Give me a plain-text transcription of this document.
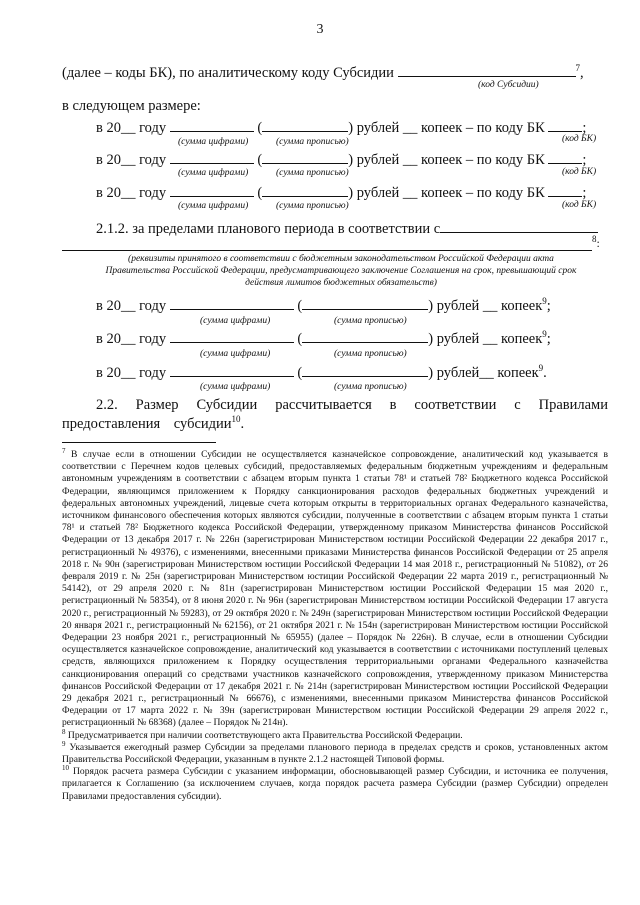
3
(далее – коды БК), по аналитическому коду Субсидии	$^7$,
(код Субсидии)
в следующем размере:
в 20__ году	(	) рублей __ копеек – по коду БК	;
(сумма цифрами)	(сумма прописью)	(код БК)
в 20__ году	(	) рублей __ копеек – по коду БК	;
(сумма цифрами)	(сумма прописью)	(код БК)
в 20__ году	(	) рублей __ копеек – по коду БК	;
(сумма цифрами)	(сумма прописью)	(код БК)
2.1.2. за пределами планового периода в соответствии с
$^8$:
(реквизиты принятого в соответствии с бюджетным законодательством Российской Федерации акта Правительства Российской Федерации, предусматривающего заключение Соглашения на срок, превышающий срок действия лимитов бюджетных обязательств)
в 20__ году	(	) рублей __ копеек$^9$;
(сумма цифрами)	(сумма прописью)
в 20__ году	(	) рублей __ копеек$^9$;
(сумма цифрами)	(сумма прописью)
в 20__ году	(	) рублей__ копеек$^9$.
(сумма цифрами)	(сумма прописью)
2.2. Размер Субсидии рассчитывается в соответствии с Правилами предоставления субсидии$^{10}$.

$^7$ В случае если в отношении Субсидии не осуществляется казначейское сопровождение, аналитический код указывается в соответствии с Перечнем кодов целевых субсидий, предоставляемых федеральным бюджетным учреждениям и федеральным автономным учреждениям в соответствии с абзацем вторым пункта 1 статьи 78¹ и статьей 78² Бюджетного кодекса Российской Федерации, являющимся приложением к Порядку санкционирования расходов федеральных бюджетных учреждений и федеральных автономных учреждений, лицевые счета которым открыты в территориальных органах Федерального казначейства, источником финансового обеспечения которых являются субсидии, полученные в соответствии с абзацем вторым пункта 1 статьи 78¹ и статьей 78² Бюджетного кодекса Российской Федерации, утвержденному приказом Министерства финансов Российской Федерации от 13 декабря 2017 г. № 226н (зарегистрирован Министерством юстиции Российской Федерации 22 декабря 2017 г., регистрационный № 49376), с изменениями, внесенными приказами Министерства финансов Российской Федерации от 25 апреля 2018 г. № 90н (зарегистрирован Министерством юстиции Российской Федерации 14 мая 2018 г., регистрационный № 51082), от 26 февраля 2019 г. № 25н (зарегистрирован Министерством юстиции Российской Федерации 22 марта 2019 г., регистрационный № 54142), от 29 апреля 2020 г. № 81н (зарегистрирован Министерством юстиции Российской Федерации 15 мая 2020 г., регистрационный № 58354), от 8 июня 2020 г. № 96н (зарегистрирован Министерством юстиции Российской Федерации 17 августа 2020 г., регистрационный № 59283), от 29 октября 2020 г. № 249н (зарегистрирован Министерством юстиции Российской Федерации 20 января 2021 г., регистрационный № 62156), от 21 октября 2021 г. № 154н (зарегистрирован Министерством юстиции Российской Федерации 23 ноября 2021 г., регистрационный № 65955) (далее – Порядок № 226н). В случае, если в отношении Субсидии осуществляется казначейское сопровождение, аналитический код указывается в соответствии с источниками поступлений целевых средств, являющихся приложением к Порядку осуществления территориальными органами Федерального казначейства санкционирования операций со средствами участников казначейского сопровождения, утвержденному приказом Министерства финансов Российской Федерации от 17 декабря 2021 г. № 214н (зарегистрирован Министерством юстиции Российской Федерации 29 декабря 2021 г., регистрационный № 66676), с изменениями, внесенными приказом Министерства финансов Российской Федерации от 17 марта 2022 г. № 39н (зарегистрирован Министерством юстиции Российской Федерации 29 апреля 2022 г., регистрационный № 68368) (далее – Порядок № 214н).

$^8$ Предусматривается при наличии соответствующего акта Правительства Российской Федерации.

$^9$ Указывается ежегодный размер Субсидии за пределами планового периода в пределах средств и сроков, установленных актом Правительства Российской Федерации, указанным в пункте 2.1.2 настоящей Типовой формы.

$^{10}$ Порядок расчета размера Субсидии с указанием информации, обосновывающей размер Субсидии, и источника ее получения, прилагается к Соглашению (за исключением случаев, когда порядок расчета размера Субсидии (размер Субсидии) определен Правилами предоставления субсидии).
